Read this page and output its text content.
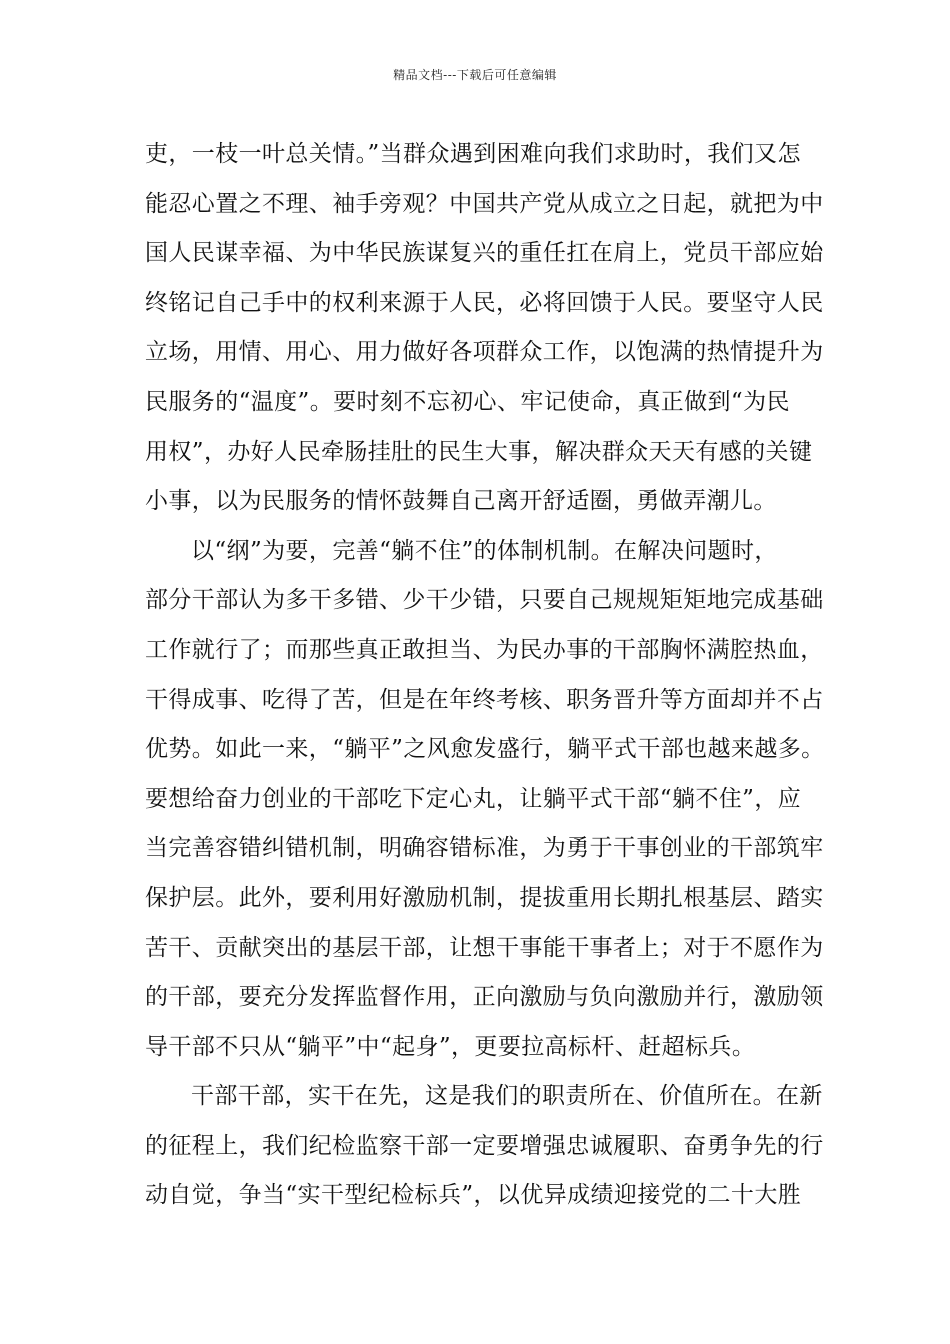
精品文档---下载后可任意编辑
吏，一枝一叶总关情。”当群众遇到困难向我们求助时，我们又怎
能忍心置之不理、袖手旁观？中国共产党从成立之日起，就把为中
国人民谋幸福、为中华民族谋复兴的重任扛在肩上，党员干部应始
终铭记自己手中的权利来源于人民，必将回馈于人民。要坚守人民
立场，用情、用心、用力做好各项群众工作，以饱满的热情提升为
民服务的“温度”。要时刻不忘初心、牢记使命，真正做到“为民
用权”，办好人民牵肠挂肚的民生大事，解决群众天天有感的关键
小事，以为民服务的情怀鼓舞自己离开舒适圈，勇做弄潮儿。
以“纲”为要，完善“躺不住”的体制机制。在解决问题时，
部分干部认为多干多错、少干少错，只要自己规规矩矩地完成基础
工作就行了；而那些真正敢担当、为民办事的干部胸怀满腔热血，
干得成事、吃得了苦，但是在年终考核、职务晋升等方面却并不占
优势。如此一来，“躺平”之风愈发盛行，躺平式干部也越来越多。
要想给奋力创业的干部吃下定心丸，让躺平式干部“躺不住”，应
当完善容错纠错机制，明确容错标准，为勇于干事创业的干部筑牢
保护层。此外，要利用好激励机制，提拔重用长期扎根基层、踏实
苦干、贡献突出的基层干部，让想干事能干事者上；对于不愿作为
的干部，要充分发挥监督作用，正向激励与负向激励并行，激励领
导干部不只从“躺平”中“起身”，更要拉高标杆、赶超标兵。
干部干部，实干在先，这是我们的职责所在、价值所在。在新
的征程上，我们纪检监察干部一定要增强忠诚履职、奋勇争先的行
动自觉，争当“实干型纪检标兵”，以优异成绩迎接党的二十大胜
